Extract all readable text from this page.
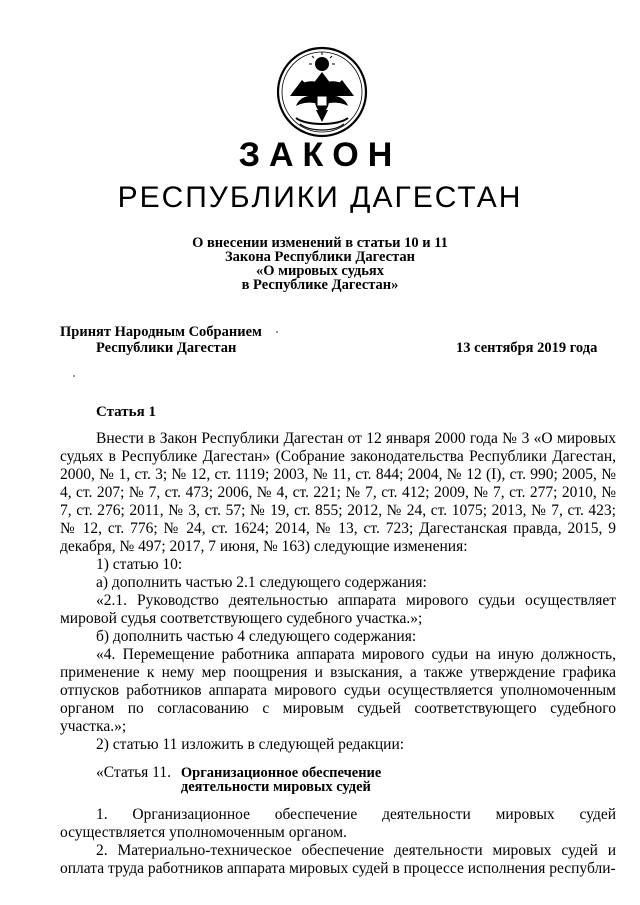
ЗАКОН
РЕСПУБЛИКИ ДАГЕСТАН
О внесении изменений в статьи 10 и 11
Закона Республики Дагестан
«О мировых судьях
в Республике Дагестан»
Принят Народным Собранием
Республики Дагестан	13 сентября 2019 года
Статья 1

Внести в Закон Республики Дагестан от 12 января 2000 года № 3 «О мировых судьях в Республике Дагестан» (Собрание законодательства Республики Дагестан, 2000, № 1, ст. 3; № 12, ст. 1119; 2003, № 11, ст. 844; 2004, № 12 (I), ст. 990; 2005, № 4, ст. 207; № 7, ст. 473; 2006, № 4, ст. 221; № 7, ст. 412; 2009, № 7, ст. 277; 2010, № 7, ст. 276; 2011, № 3, ст. 57; № 19, ст. 855; 2012, № 24, ст. 1075; 2013, № 7, ст. 423; № 12, ст. 776; № 24, ст. 1624; 2014, № 13, ст. 723; Дагестанская правда, 2015, 9 декабря, № 497; 2017, 7 июня, № 163) следующие изменения:

1) статью 10:

а) дополнить частью 2.1 следующего содержания:

«2.1. Руководство деятельностью аппарата мирового судьи осуществляет мировой судья соответствующего судебного участка.»;

б) дополнить частью 4 следующего содержания:

«4. Перемещение работника аппарата мирового судьи на иную должность, применение к нему мер поощрения и взыскания, а также утверждение графика отпусков работников аппарата мирового судьи осуществляется уполномоченным органом по согласованию с мировым судьей соответствующего судебного участка.»;

2) статью 11 изложить в следующей редакции:

«Статья 11. Организационное обеспечение
деятельности мировых судей

1. Организационное обеспечение деятельности мировых судей осуществляется уполномоченным органом.

2. Материально-техническое обеспечение деятельности мировых судей и оплата труда работников аппарата мировых судей в процессе исполнения республи-
